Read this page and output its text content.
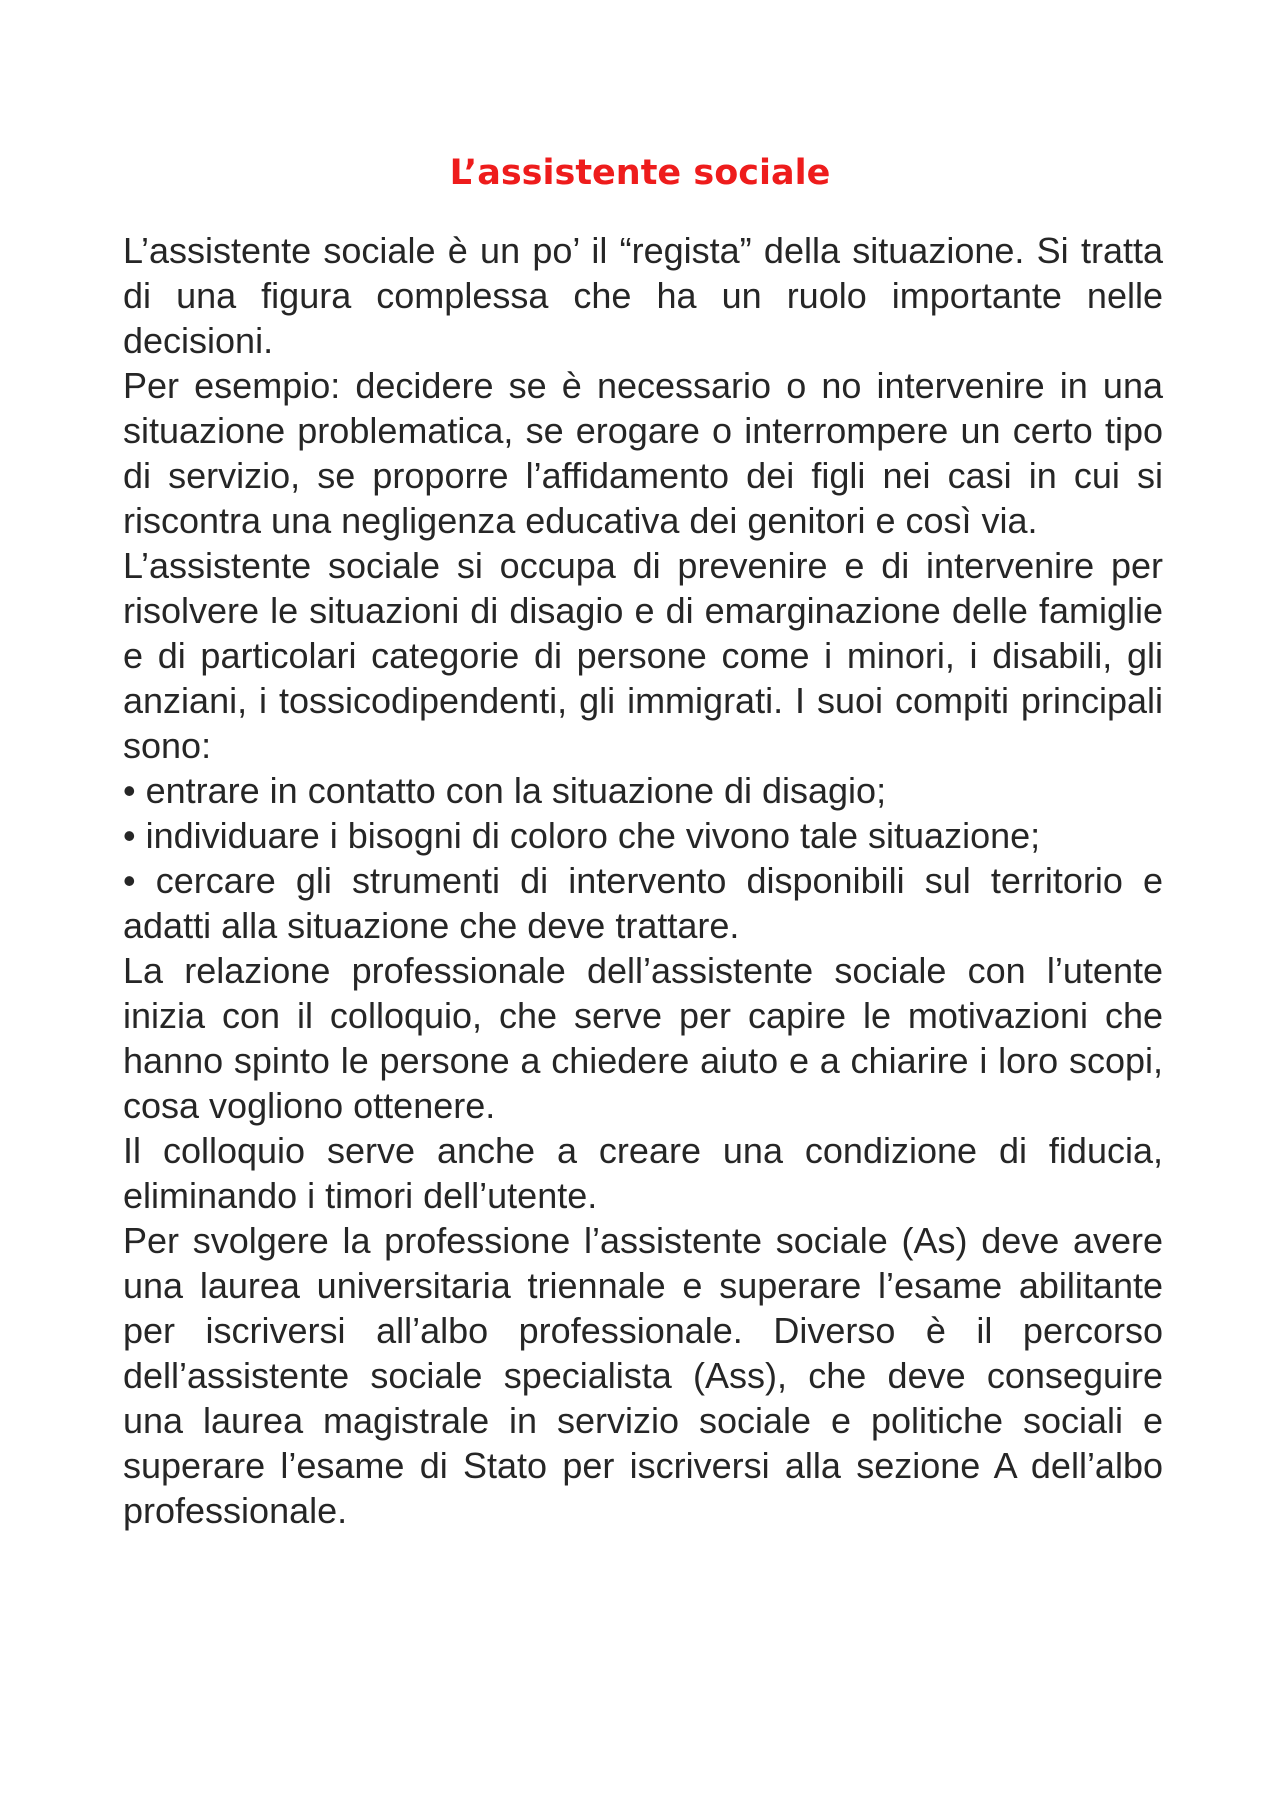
L’assistente sociale

L’assistente sociale è un po’ il “regista” della situazione. Si tratta di una figura complessa che ha un ruolo importante nelle decisioni.

Per esempio: decidere se è necessario o no intervenire in una situazione problematica, se erogare o interrompere un certo tipo di servizio, se proporre l’affidamento dei figli nei casi in cui si riscontra una negligenza educativa dei genitori e così via.

L’assistente sociale si occupa di prevenire e di intervenire per risolvere le situazioni di disagio e di emarginazione delle famiglie e di particolari categorie di persone come i minori, i disabili, gli anziani, i tossicodipendenti, gli immigrati. I suoi compiti principali sono:

• entrare in contatto con la situazione di disagio;

• individuare i bisogni di coloro che vivono tale situazione;

• cercare gli strumenti di intervento disponibili sul territorio e adatti alla situazione che deve trattare.

La relazione professionale dell’assistente sociale con l’utente inizia con il colloquio, che serve per capire le motivazioni che hanno spinto le persone a chiedere aiuto e a chiarire i loro scopi, cosa vogliono ottenere.

Il colloquio serve anche a creare una condizione di fiducia, eliminando i timori dell’utente.

Per svolgere la professione l’assistente sociale (As) deve avere una laurea universitaria triennale e superare l’esame abilitante per iscriversi all’albo professionale. Diverso è il percorso dell’assistente sociale specialista (Ass), che deve conseguire una laurea magistrale in servizio sociale e politiche sociali e superare l’esame di Stato per iscriversi alla sezione A dell’albo professionale.
